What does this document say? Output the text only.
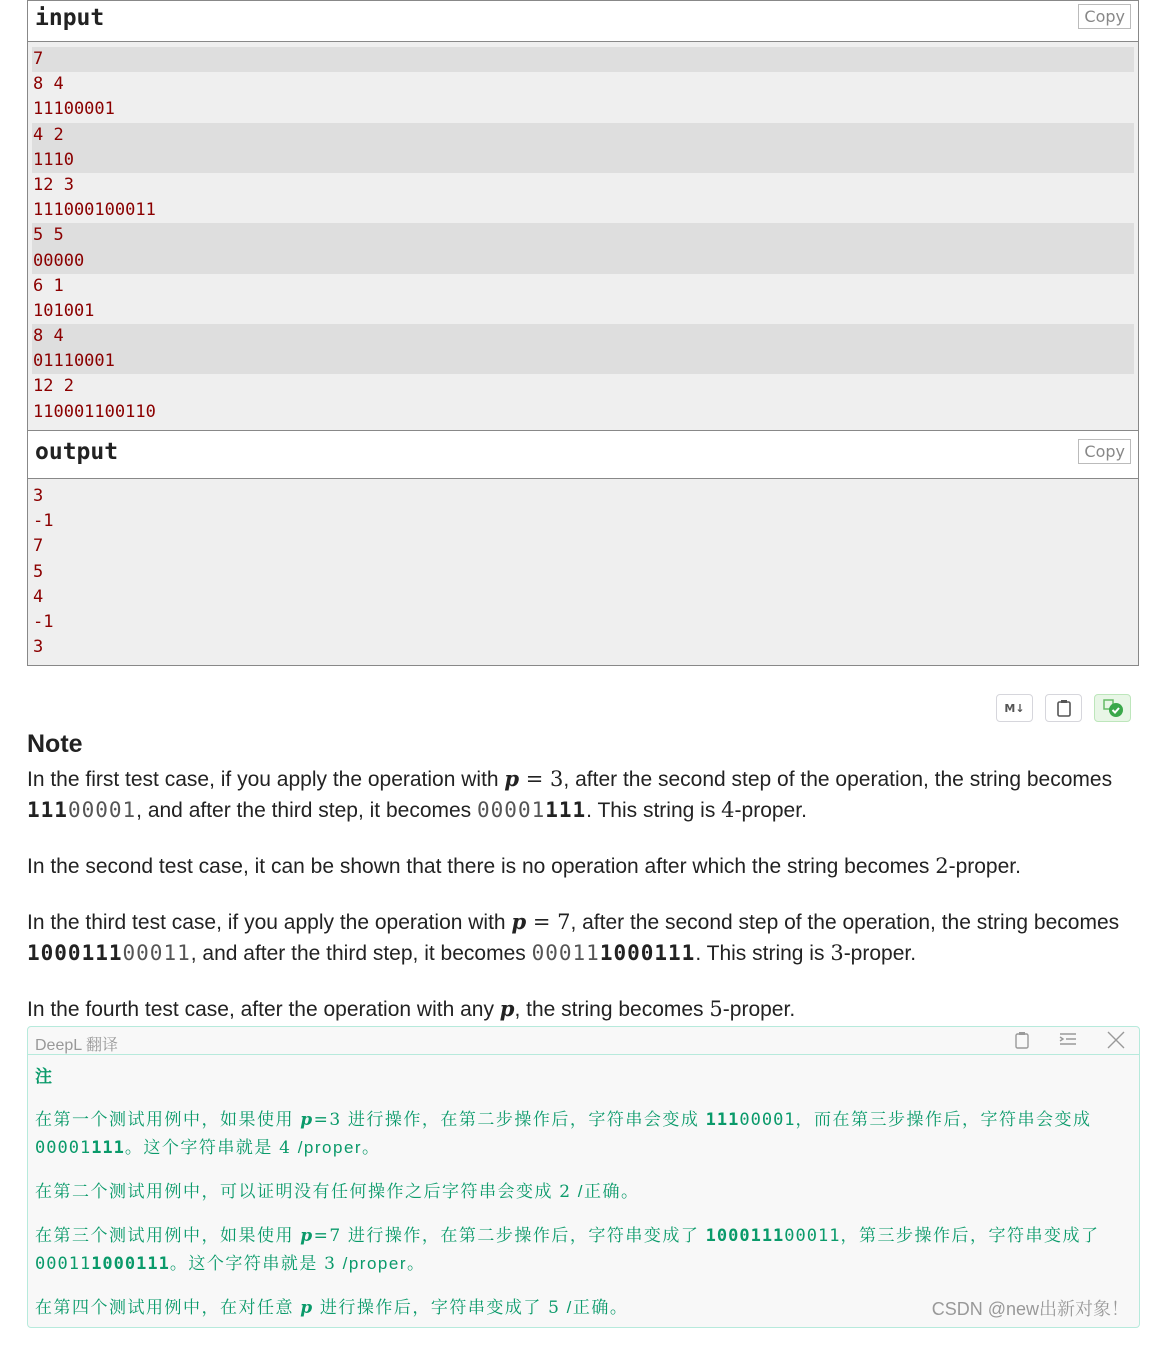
input	Copy
7
8 4
11100001
4 2
1110
12 3
111000100011
5 5
00000
6 1
101001
8 4
01110001
12 2
110001100110
output	Copy
3
-1
7
5
4
-1
3
M↓
Note

In the first test case, if you apply the operation with p = 3, after the second step of the operation, the string becomes 11100001, and after the third step, it becomes 00001111. This string is 4-proper.

In the second test case, it can be shown that there is no operation after which the string becomes 2-proper.

In the third test case, if you apply the operation with p = 7, after the second step of the operation, the string becomes 100011100011, and after the third step, it becomes 000111000111. This string is 3-proper.

In the fourth test case, after the operation with any p, the string becomes 5-proper.

DeepL 翻译

注

在第一个测试用例中，如果使用 p=3 进行操作，在第二步操作后，字符串会变成 11100001，而在第三步操作后，字符串会变成 00001111。这个字符串就是 4 /proper。

在第二个测试用例中，可以证明没有任何操作之后字符串会变成 2 /正确。

在第三个测试用例中，如果使用 p=7 进行操作，在第二步操作后，字符串变成了 100011100011，第三步操作后，字符串变成了 000111000111。这个字符串就是 3 /proper。

在第四个测试用例中，在对任意 p 进行操作后，字符串变成了 5 /正确。	CSDN @new出新对象！
